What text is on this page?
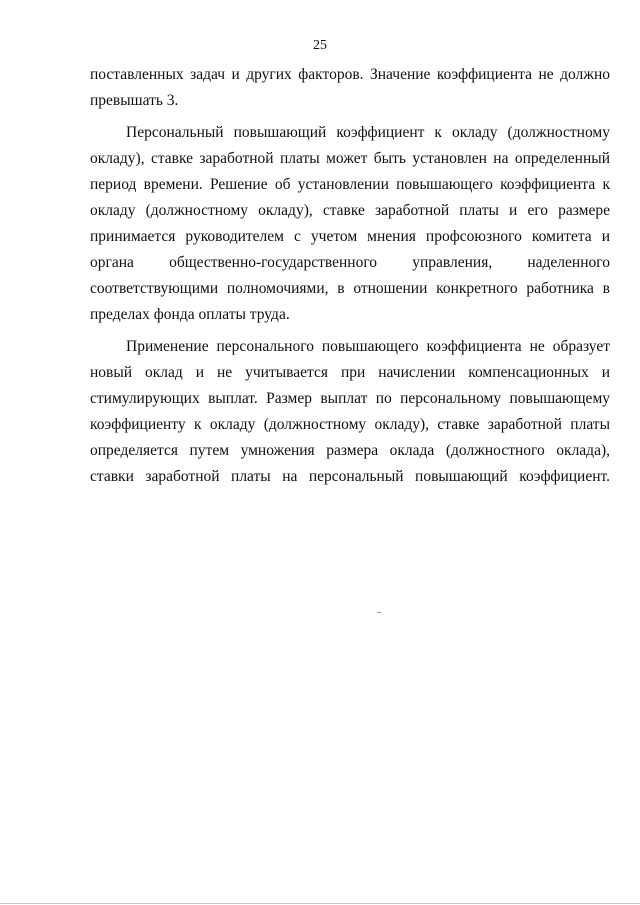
25

поставленных задач и других факторов. Значение коэффициента не должно превышать 3.

Персональный повышающий коэффициент к окладу (должностному окладу), ставке заработной платы может быть установлен на определенный период времени. Решение об установлении повышающего коэффициента к окладу (должностному окладу), ставке заработной платы и его размере принимается руководителем с учетом мнения профсоюзного комитета и органа общественно-государственного управления, наделенного соответствующими полномочиями, в отношении конкретного работника в пределах фонда оплаты труда.

Применение персонального повышающего коэффициента не образует новый оклад и не учитывается при начислении компенсационных и стимулирующих выплат. Размер выплат по персональному повышающему коэффициенту к окладу (должностному окладу), ставке заработной платы определяется путем умножения размера оклада (должностного оклада), ставки заработной платы на персональный повышающий коэффициент.
